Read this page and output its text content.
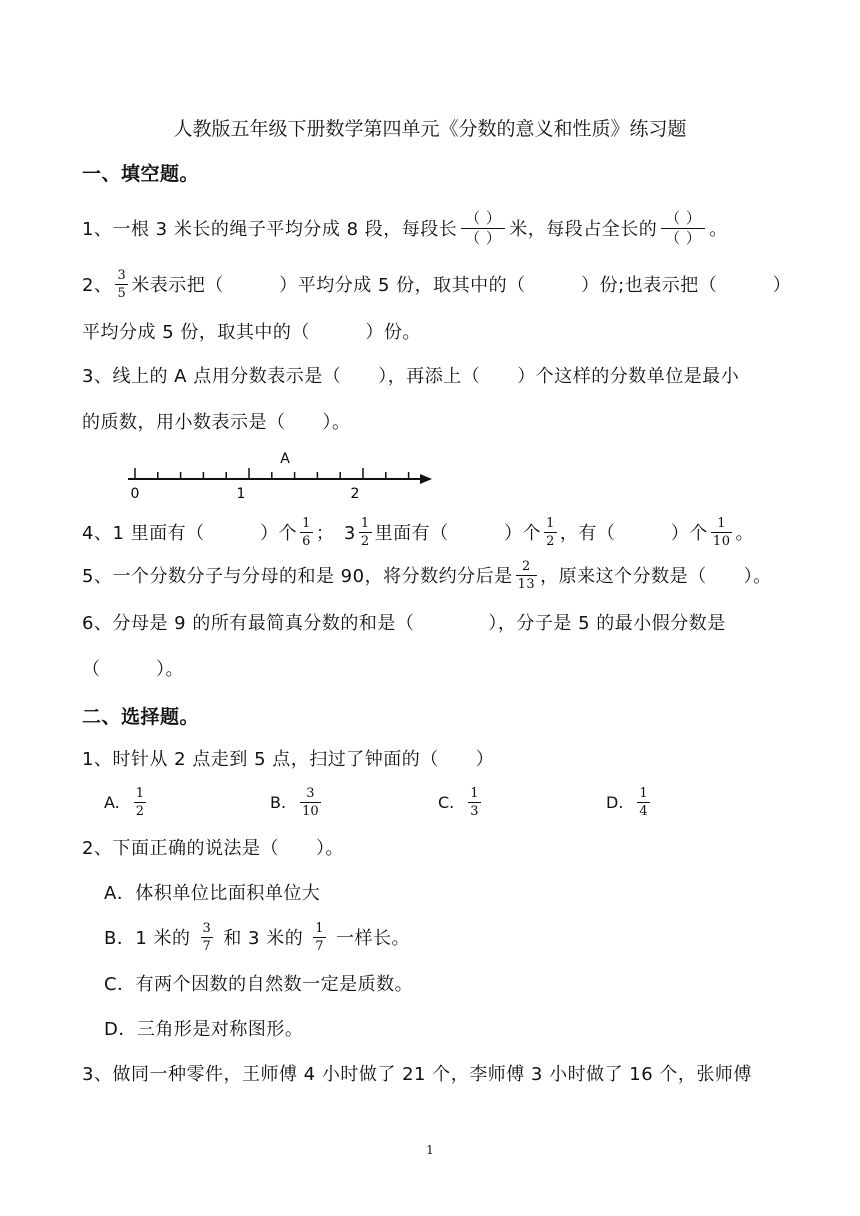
人教版五年级下册数学第四单元《分数的意义和性质》练习题
一、填空题。
1、一根 3 米长的绳子平均分成 8 段，每段长
（ ）
（ ） 米，每段占全长的
（ ）
（ ） 。
2、 $\frac{3}{5}$ 米表示把（　　　）平均分成 5 份，取其中的（　　　）份;也表示把（　　　）
平均分成 5 份，取其中的（　　　）份。
3、线上的 A 点用分数表示是（　　），再添上（　　）个这样的分数单位是最小
的质数，用小数表示是（　　）。
A
0	1	2
4、1 里面有（　　　）个 $\frac{1}{6}$ ；　$3 \frac{1}{2}$ 里面有（　　　）个 $\frac{1}{2}$ ，有（　　　）个 $\frac{1}{10}$ 。
5、一个分数分子与分母的和是 90，将分数约分后是 $\frac{2}{13}$ ，原来这个分数是（　　）。
6、分母是 9 的所有最简真分数的和是（　　　　），分子是 5 的最小假分数是
（　　　）。
二、选择题。
1、时针从 2 点走到 5 点，扫过了钟面的（　　）
A. $\frac{1}{2}$	B. $\frac{3}{10}$	C. $\frac{1}{3}$	D. $\frac{1}{4}$
2、下面正确的说法是（　　）。
A．体积单位比面积单位大
B．1 米的 $\frac{3}{7}$ 和 3 米的 $\frac{1}{7}$ 一样长。
C．有两个因数的自然数一定是质数。
D．三角形是对称图形。
3、做同一种零件，王师傅 4 小时做了 21 个，李师傅 3 小时做了 16 个，张师傅
1
